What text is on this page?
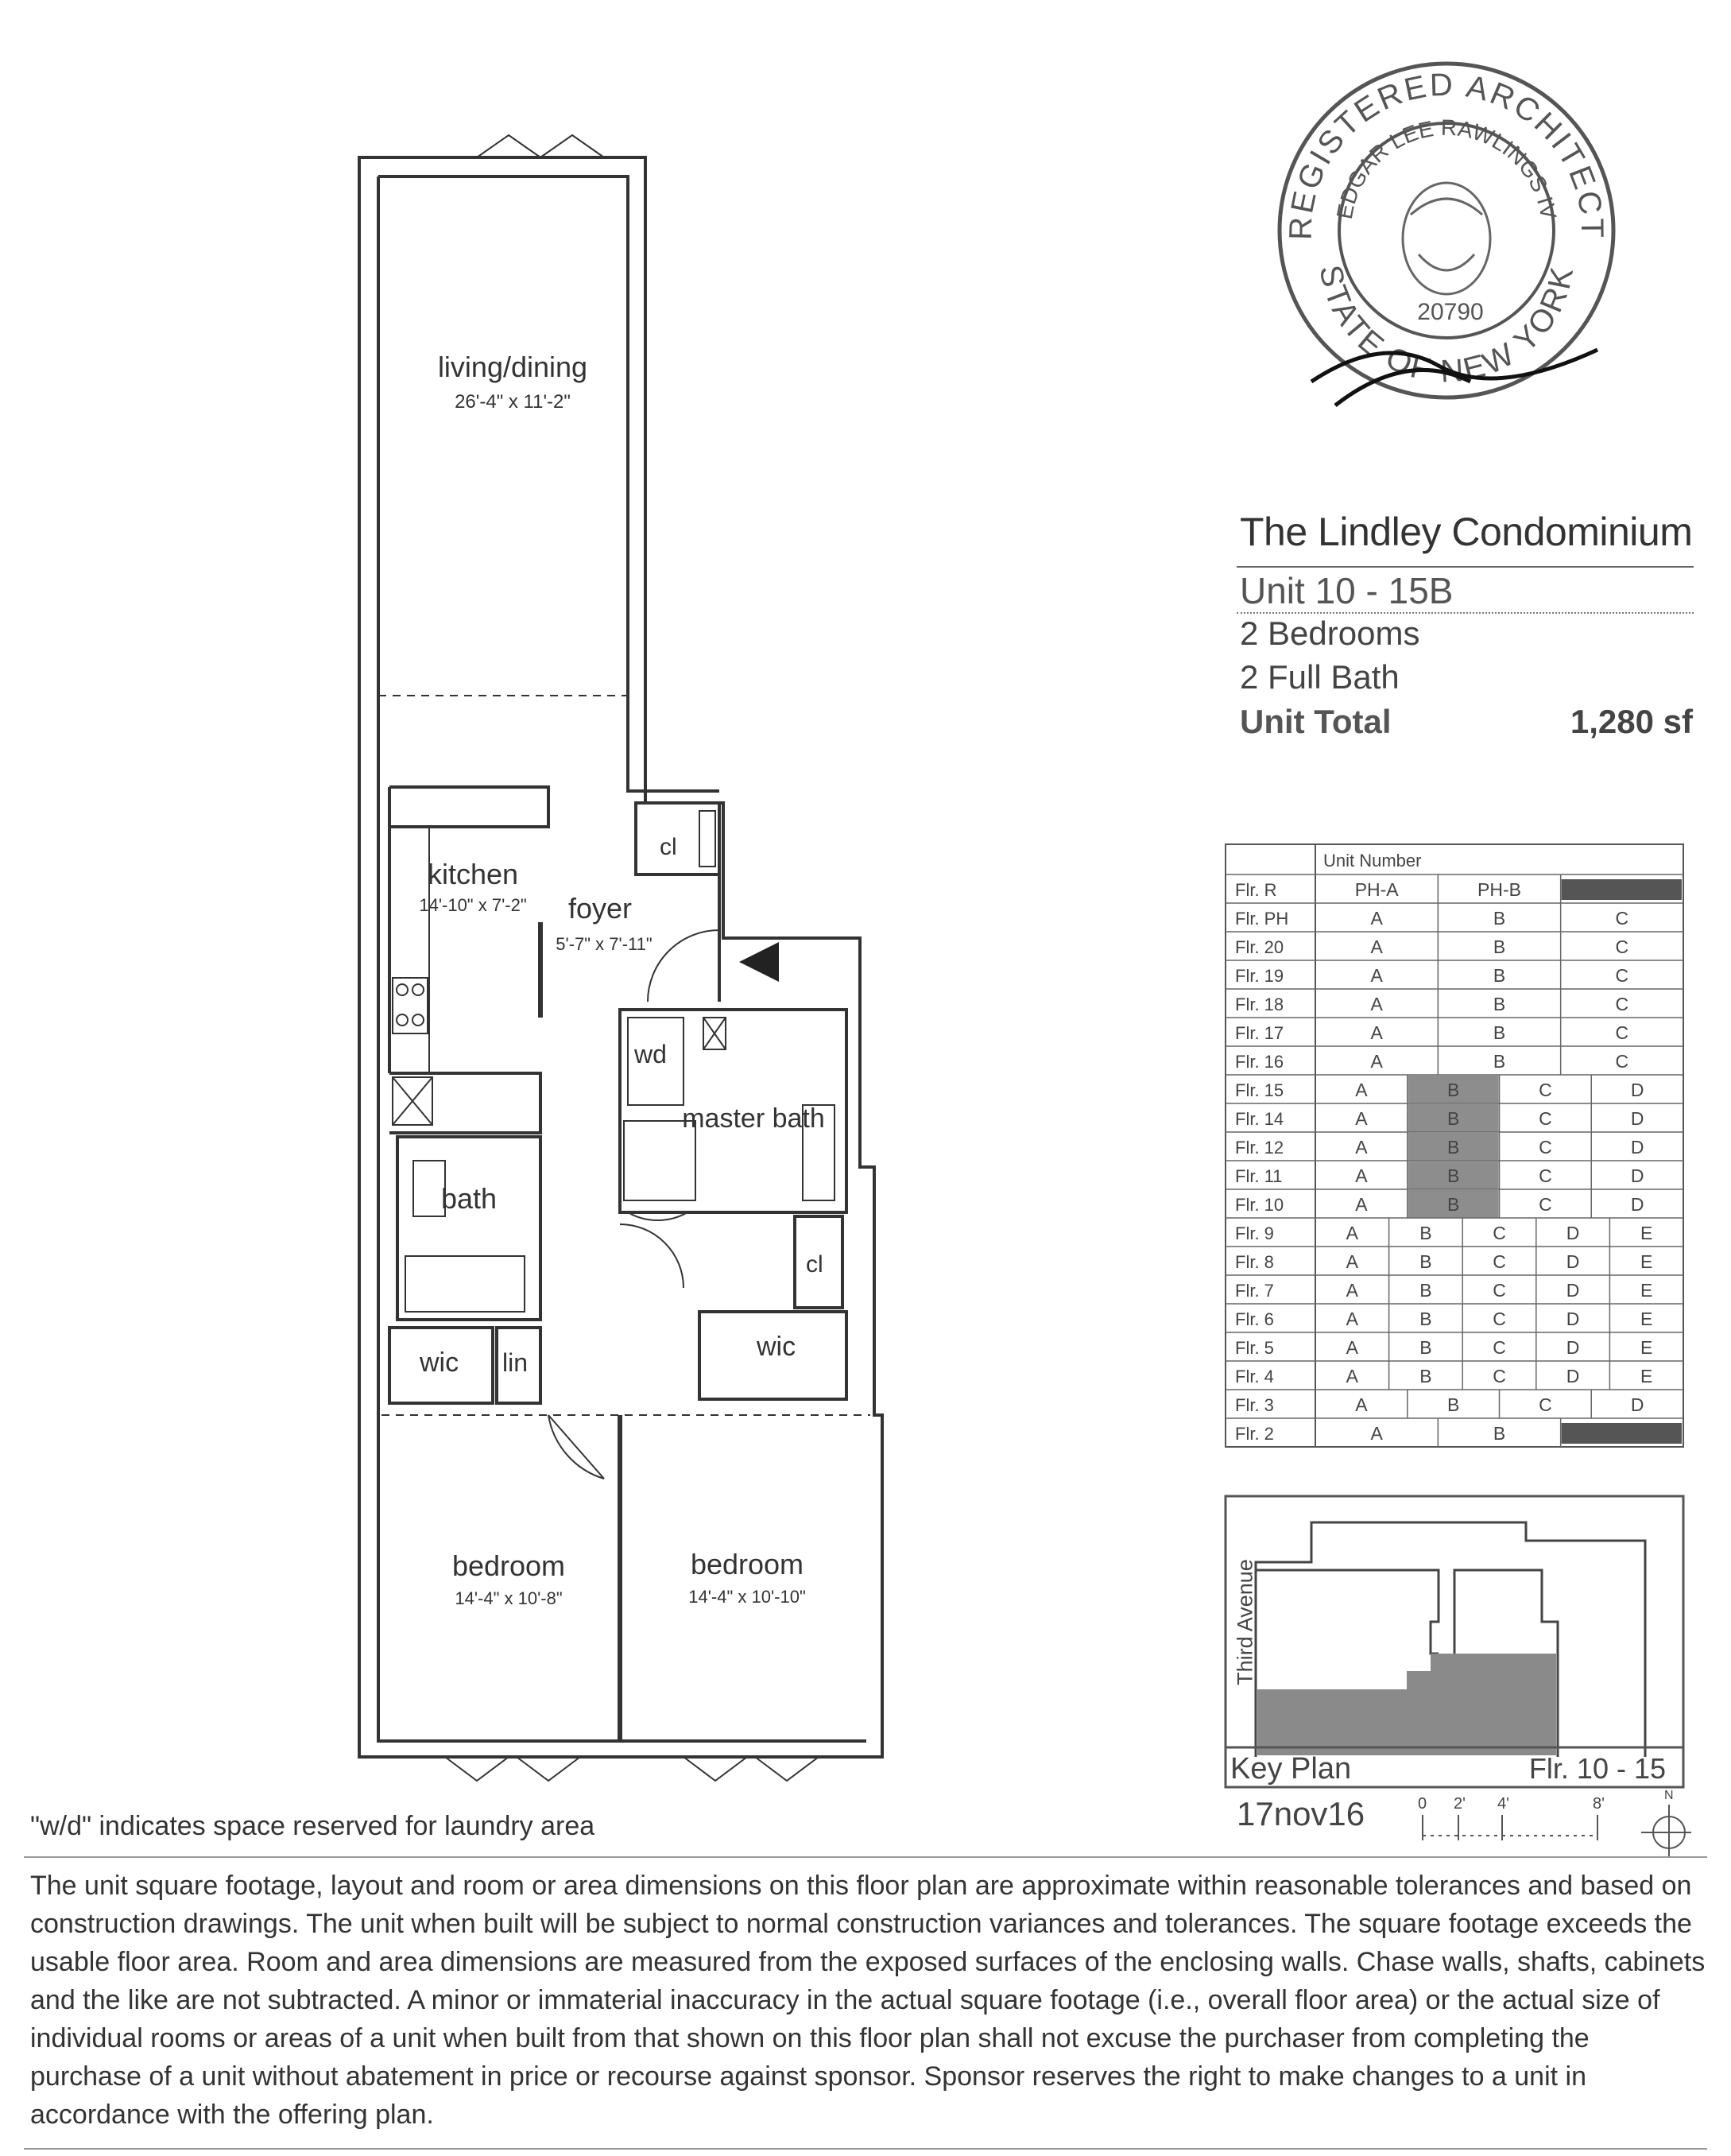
living/dining
26'-4" x 11'-2"
kitchen
14'-10" x 7'-2" foyer
5'-7" x 7'-11"
bath
master bath
bedroom
14'-4" x 10'-8"
bedroom
14'-4" x 10'-10"
cl
cl
wd
wic lin
wic
REGISTERED ARCHITECT
STATE OF NEW YORK
EDGAR LEE RAWLINGS IV
20790
The Lindley Condominium
Unit 10 - 15B
2 Bedrooms
2 Full Bath
Unit Total	1,280 sf
Unit Number
Flr. R	PH-A	PH-B
Flr. PH	A	B	C
Flr. 20	A	B	C
Flr. 19	A	B	C
Flr. 18	A	B	C
Flr. 17	A	B	C
Flr. 16	A	B	C
Flr. 15	A	B	C	D
Flr. 14	A	B	C	D
Flr. 12	A	B	C	D
Flr. 11	A	B	C	D
Flr. 10	A	B	C	D
Flr. 9	A	B	C	D	E
Flr. 8	A	B	C	D	E
Flr. 7	A	B	C	D	E
Flr. 6	A	B	C	D	E
Flr. 5	A	B	C	D	E
Flr. 4	A	B	C	D	E
Flr. 3	A	B	C	D
Flr. 2	A	B
Third Avenue
Key Plan	Flr. 10 - 15
17nov16	0 2' 4'	8'	N
"w/d" indicates space reserved for laundry area
The unit square footage, layout and room or area dimensions on this floor plan are approximate within reasonable tolerances and based on construction drawings. The unit when built will be subject to normal construction variances and tolerances. The square footage exceeds the usable floor area. Room and area dimensions are measured from the exposed surfaces of the enclosing walls. Chase walls, shafts, cabinets and the like are not subtracted. A minor or immaterial inaccuracy in the actual square footage (i.e., overall floor area) or the actual size of individual rooms or areas of a unit when built from that shown on this floor plan shall not excuse the purchaser from completing the purchase of a unit without abatement in price or recourse against sponsor. Sponsor reserves the right to make changes to a unit in accordance with the offering plan.
